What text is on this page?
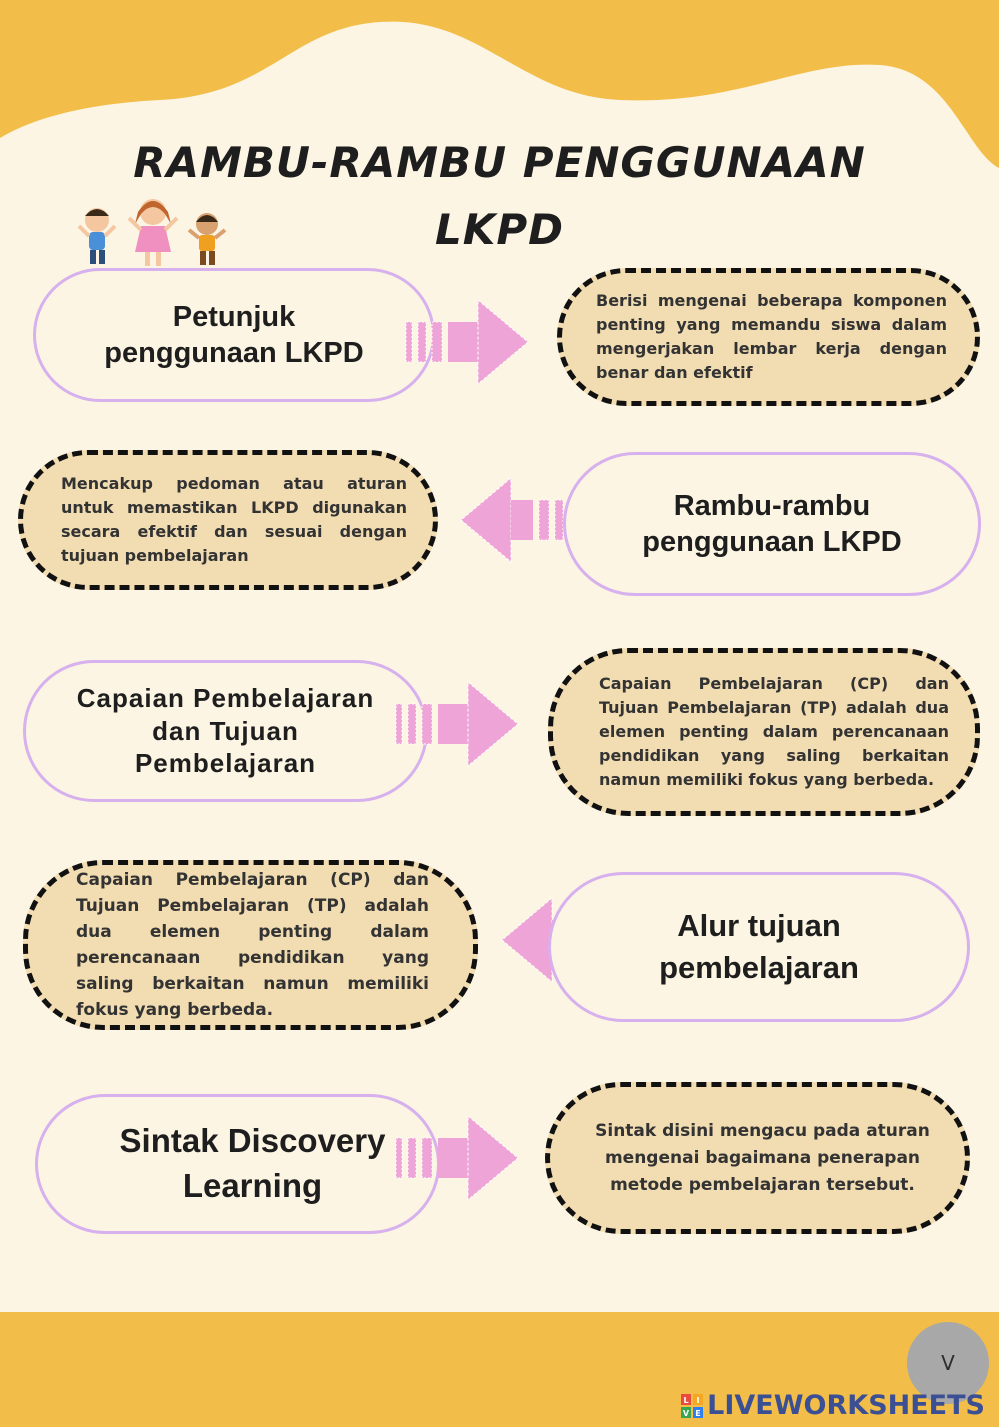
RAMBU-RAMBU PENGGUNAAN
LKPD
Petunjuk penggunaan LKPD
Berisi mengenai beberapa komponen penting yang memandu siswa dalam mengerjakan lembar kerja dengan benar dan efektif
Mencakup pedoman atau aturan untuk memastikan LKPD digunakan secara efektif dan sesuai dengan tujuan pembelajaran
Rambu-rambu penggunaan LKPD
Capaian Pembelajaran dan Tujuan Pembelajaran
Capaian Pembelajaran (CP) dan Tujuan Pembelajaran (TP) adalah dua elemen penting dalam perencanaan pendidikan yang saling berkaitan namun memiliki fokus yang berbeda.
Capaian Pembelajaran (CP) dan Tujuan Pembelajaran (TP) adalah dua elemen penting dalam perencanaan pendidikan yang saling berkaitan namun memiliki fokus yang berbeda.
Alur tujuan pembelajaran
Sintak Discovery Learning
Sintak disini mengacu pada aturan mengenai bagaimana penerapan metode pembelajaran tersebut.
V
L I
V E LIVEWORKSHEETS
